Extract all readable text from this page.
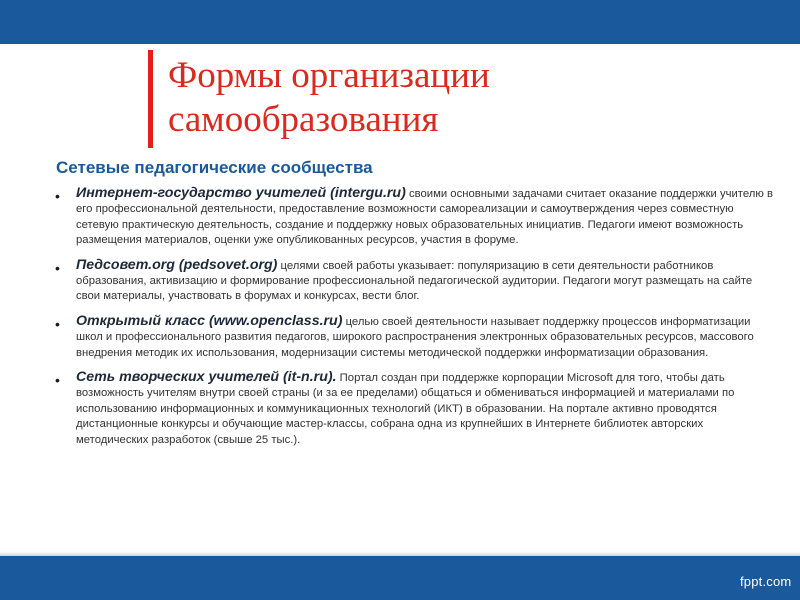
Формы организации
самообразования
Сетевые педагогические сообщества
• Интернет-государство учителей (intergu.ru) своими основными задачами считает оказание поддержки учителю в его профессиональной деятельности, предоставление возможности самореализации и самоутверждения через совместную сетевую практическую деятельность, создание и поддержку новых образовательных инициатив. Педагоги имеют возможность размещения материалов, оценки уже опубликованных ресурсов, участия в форуме.
• Педсовет.org (pedsovet.org) целями своей работы указывает: популяризацию в сети деятельности работников образования, активизацию и формирование профессиональной педагогической аудитории. Педагоги могут размещать на сайте свои материалы, участвовать в форумах и конкурсах, вести блог.
• Открытый класс (www.openclass.ru) целью своей деятельности называет поддержку процессов информатизации школ и профессионального развития педагогов, широкого распространения электронных образовательных ресурсов, массового внедрения методик их использования, модернизации системы методической поддержки информатизации образования.
• Сеть творческих учителей (it-n.ru). Портал создан при поддержке корпорации Microsoft для того, чтобы дать возможность учителям внутри своей страны (и за ее пределами) общаться и обмениваться информацией и материалами по использованию информационных и коммуникационных технологий (ИКТ) в образовании. На портале активно проводятся дистанционные конкурсы и обучающие мастер-классы, собрана одна из крупнейших в Интернете библиотек авторских методических разработок (свыше 25 тыс.).
fppt.com
